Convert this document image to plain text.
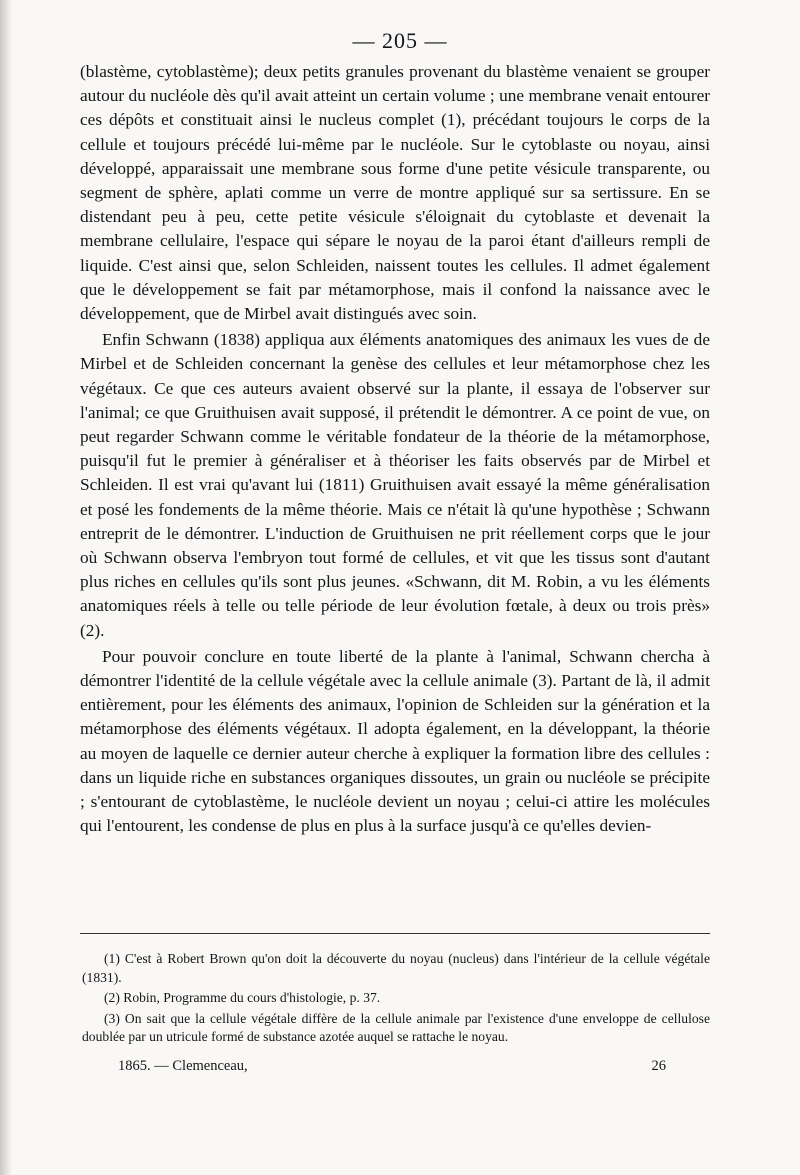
— 205 —

(blastème, cytoblastème); deux petits granules provenant du blastème venaient se grouper autour du nucléole dès qu'il avait atteint un certain volume ; une membrane venait entourer ces dépôts et constituait ainsi le nucleus complet (1), précédant toujours le corps de la cellule et toujours précédé lui-même par le nucléole. Sur le cytoblaste ou noyau, ainsi développé, apparaissait une membrane sous forme d'une petite vésicule transparente, ou segment de sphère, aplati comme un verre de montre appliqué sur sa sertissure. En se distendant peu à peu, cette petite vésicule s'éloignait du cytoblaste et devenait la membrane cellulaire, l'espace qui sépare le noyau de la paroi étant d'ailleurs rempli de liquide. C'est ainsi que, selon Schleiden, naissent toutes les cellules. Il admet également que le développement se fait par métamorphose, mais il confond la naissance avec le développement, que de Mirbel avait distingués avec soin.

Enfin Schwann (1838) appliqua aux éléments anatomiques des animaux les vues de de Mirbel et de Schleiden concernant la genèse des cellules et leur métamorphose chez les végétaux. Ce que ces auteurs avaient observé sur la plante, il essaya de l'observer sur l'animal; ce que Gruithuisen avait supposé, il prétendit le démontrer. A ce point de vue, on peut regarder Schwann comme le véritable fondateur de la théorie de la métamorphose, puisqu'il fut le premier à généraliser et à théoriser les faits observés par de Mirbel et Schleiden. Il est vrai qu'avant lui (1811) Gruithuisen avait essayé la même généralisation et posé les fondements de la même théorie. Mais ce n'était là qu'une hypothèse ; Schwann entreprit de le démontrer. L'induction de Gruithuisen ne prit réellement corps que le jour où Schwann observa l'embryon tout formé de cellules, et vit que les tissus sont d'autant plus riches en cellules qu'ils sont plus jeunes. «Schwann, dit M. Robin, a vu les éléments anatomiques réels à telle ou telle période de leur évolution fœtale, à deux ou trois près» (2).

Pour pouvoir conclure en toute liberté de la plante à l'animal, Schwann chercha à démontrer l'identité de la cellule végétale avec la cellule animale (3). Partant de là, il admit entièrement, pour les éléments des animaux, l'opinion de Schleiden sur la génération et la métamorphose des éléments végétaux. Il adopta également, en la développant, la théorie au moyen de laquelle ce dernier auteur cherche à expliquer la formation libre des cellules : dans un liquide riche en substances organiques dissoutes, un grain ou nucléole se précipite ; s'entourant de cytoblastème, le nucléole devient un noyau ; celui-ci attire les molécules qui l'entourent, les condense de plus en plus à la surface jusqu'à ce qu'elles devien-

(1) C'est à Robert Brown qu'on doit la découverte du noyau (nucleus) dans l'intérieur de la cellule végétale (1831).

(2) Robin, Programme du cours d'histologie, p. 37.

(3) On sait que la cellule végétale diffère de la cellule animale par l'existence d'une enveloppe de cellulose doublée par un utricule formé de substance azotée auquel se rattache le noyau.

1865. — Clemenceau,	26
